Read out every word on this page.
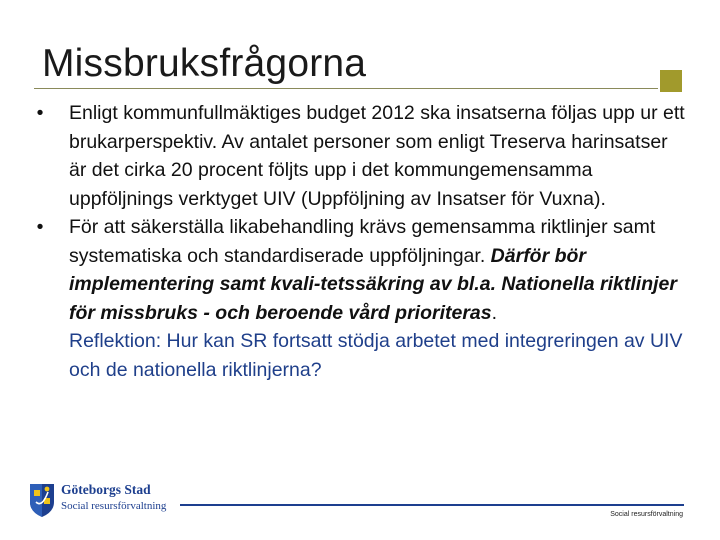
Missbruksfrågorna
•	Enligt kommunfullmäktiges budget 2012 ska insatserna följas upp ur ett brukarperspektiv. Av antalet personer som enligt Treserva harinsatser är det cirka 20 procent följts upp i det kommungemensamma uppföljnings verktyget UIV (Uppföljning av Insatser för Vuxna).
•	För att säkerställa likabehandling krävs gemensamma riktlinjer samt systematiska och standardiserade uppföljningar. Därför bör implementering samt kvali-tetssäkring av bl.a. Nationella riktlinjer för missbruks - och beroende vård prioriteras.
Reflektion: Hur kan SR fortsatt stödja arbetet med integreringen av UIV och de nationella riktlinjerna?
Göteborgs Stad
Social resursförvaltning
Social resursförvaltning
